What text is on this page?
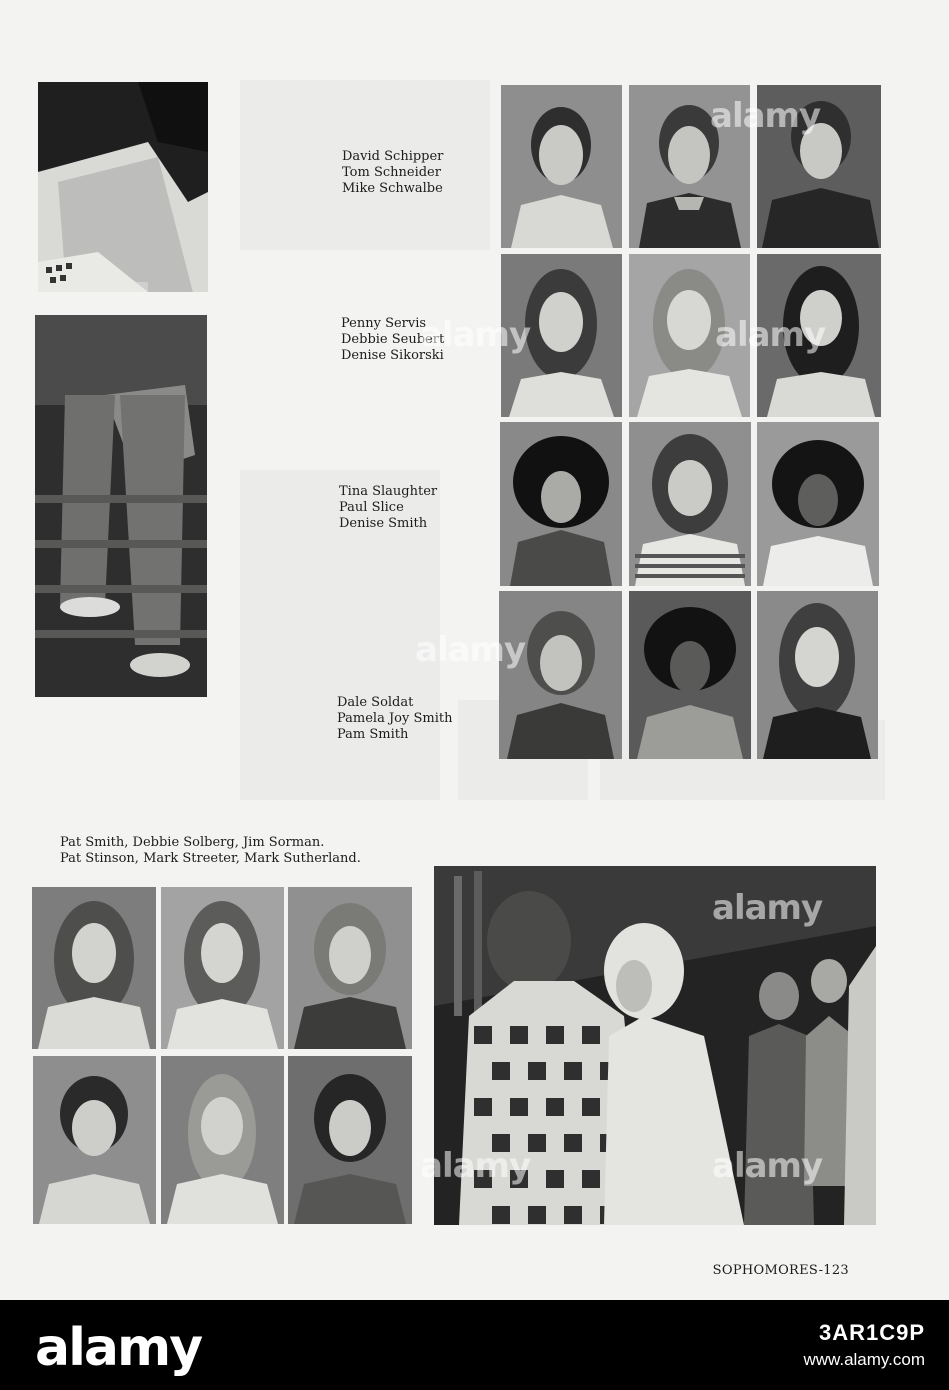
David Schipper
Tom Schneider
Mike Schwalbe
Penny Servis
Debbie Seubert
Denise Sikorski
Tina Slaughter
Paul Slice
Denise Smith
Dale Soldat
Pamela Joy Smith
Pam Smith
Pat Smith, Debbie Solberg, Jim Sorman.
Pat Stinson, Mark Streeter, Mark Sutherland.
alamy
alamy	alamy
alamy
alamy
alamy	alamy
SOPHOMORES-123
alamy	3AR1C9P
www.alamy.com
